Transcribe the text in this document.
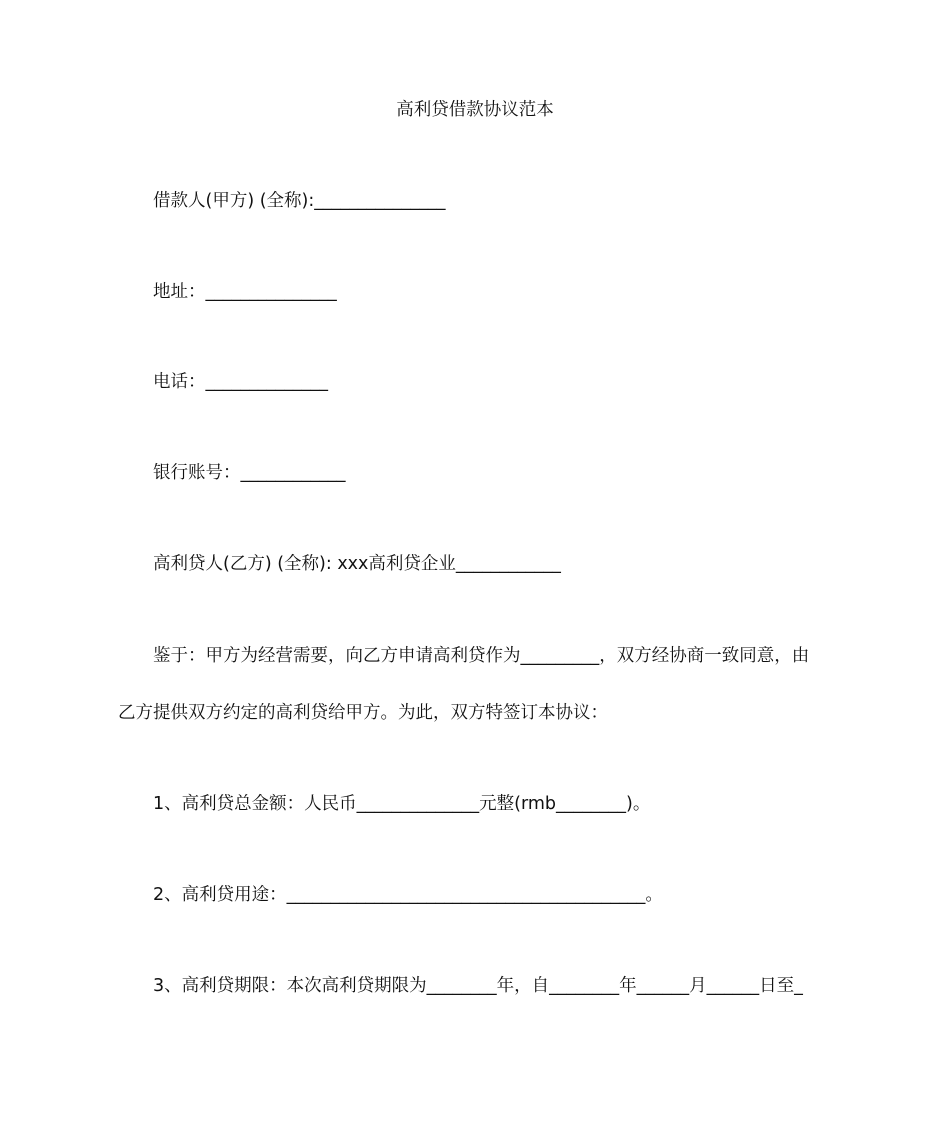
高利贷借款协议范本
借款人(甲方) (全称):_______________
地址：_______________
电话：______________
银行账号：____________
高利贷人(乙方) (全称): xxx高利贷企业____________
鉴于：甲方为经营需要，向乙方申请高利贷作为_________，双方经协商一致同意，由
乙方提供双方约定的高利贷给甲方。为此，双方特签订本协议：
1、高利贷总金额：人民币______________元整(rmb________)。
2、高利贷用途：_________________________________________。
3、高利贷期限：本次高利贷期限为________年，自________年______月______日至_
